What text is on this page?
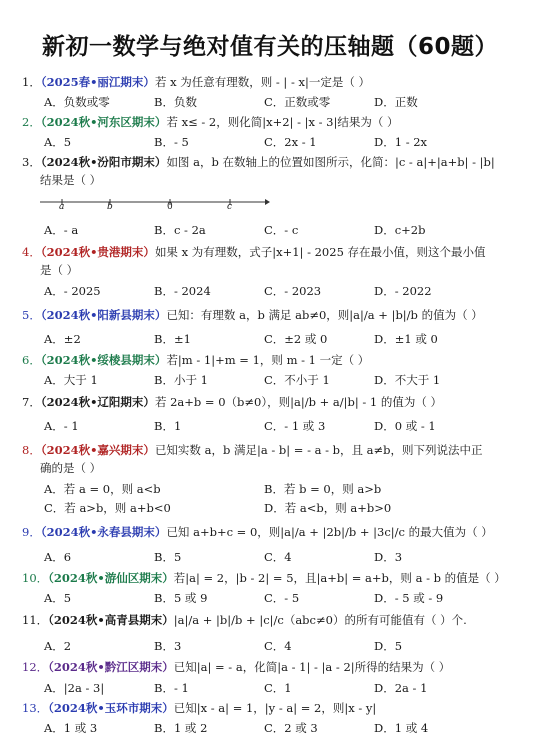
新初一数学与绝对值有关的压轴题（60题）
1．（2025春•丽江期末）若 x 为任意有理数，则 - | - x|一定是（ ）
A．负数或零	B．负数	C．正数或零	D．正数
2．（2024秋•河东区期末）若 x≤ - 2，则化简|x+2| - |x - 3|结果为（ ）
A．5	B．- 5	C．2x - 1	D．1 - 2x
3．（2024秋•汾阳市期末）如图 a，b 在数轴上的位置如图所示，化简：|c - a|+|a+b| - |b|
结果是（ ）
a	b	0	c
A．- a	B．c - 2a	C．- c	D．c+2b
4．（2024秋•贵港期末）如果 x 为有理数，式子|x+1| - 2025 存在最小值，则这个最小值
是（ ）
A．- 2025	B．- 2024	C．- 2023	D．- 2022
5．（2024秋•阳新县期末）已知：有理数 a，b 满足 ab≠0，则|a|/a + |b|/b 的值为（ ）
A．±2	B．±1	C．±2 或 0	D．±1 或 0
6．（2024秋•绥棱县期末）若|m - 1|+m = 1，则 m - 1 一定（ ）
A．大于 1	B．小于 1	C．不小于 1	D．不大于 1
7．（2024秋•辽阳期末）若 2a+b = 0（b≠0），则|a|/b + a/|b| - 1 的值为（ ）
A．- 1	B．1	C．- 1 或 3	D．0 或 - 1
8．（2024秋•嘉兴期末）已知实数 a，b 满足|a - b| = - a - b，且 a≠b，则下列说法中正
确的是（ ）
A．若 a = 0，则 a<b	B．若 b = 0，则 a>b
C．若 a>b，则 a+b<0	D．若 a<b，则 a+b>0
9．（2024秋•永春县期末）已知 a+b+c = 0，则|a|/a + |2b|/b + |3c|/c 的最大值为（ ）
A．6	B．5	C．4	D．3
10．（2024秋•游仙区期末）若|a| = 2，|b - 2| = 5，且|a+b| = a+b，则 a - b 的值是（ ）
A．5	B．5 或 9	C．- 5	D．- 5 或 - 9
11．（2024秋•高青县期末）|a|/a + |b|/b + |c|/c（abc≠0）的所有可能值有（ ）个.
A．2	B．3	C．4	D．5
12．（2024秋•黔江区期末）已知|a| = - a，化简|a - 1| - |a - 2|所得的结果为（ ）
A．|2a - 3|	B．- 1	C．1	D．2a - 1
13．（2024秋•玉环市期末）已知|x - a| = 1，|y - a| = 2，则|x - y|
A．1 或 3	B．1 或 2	C．2 或 3	D．1 或 4
